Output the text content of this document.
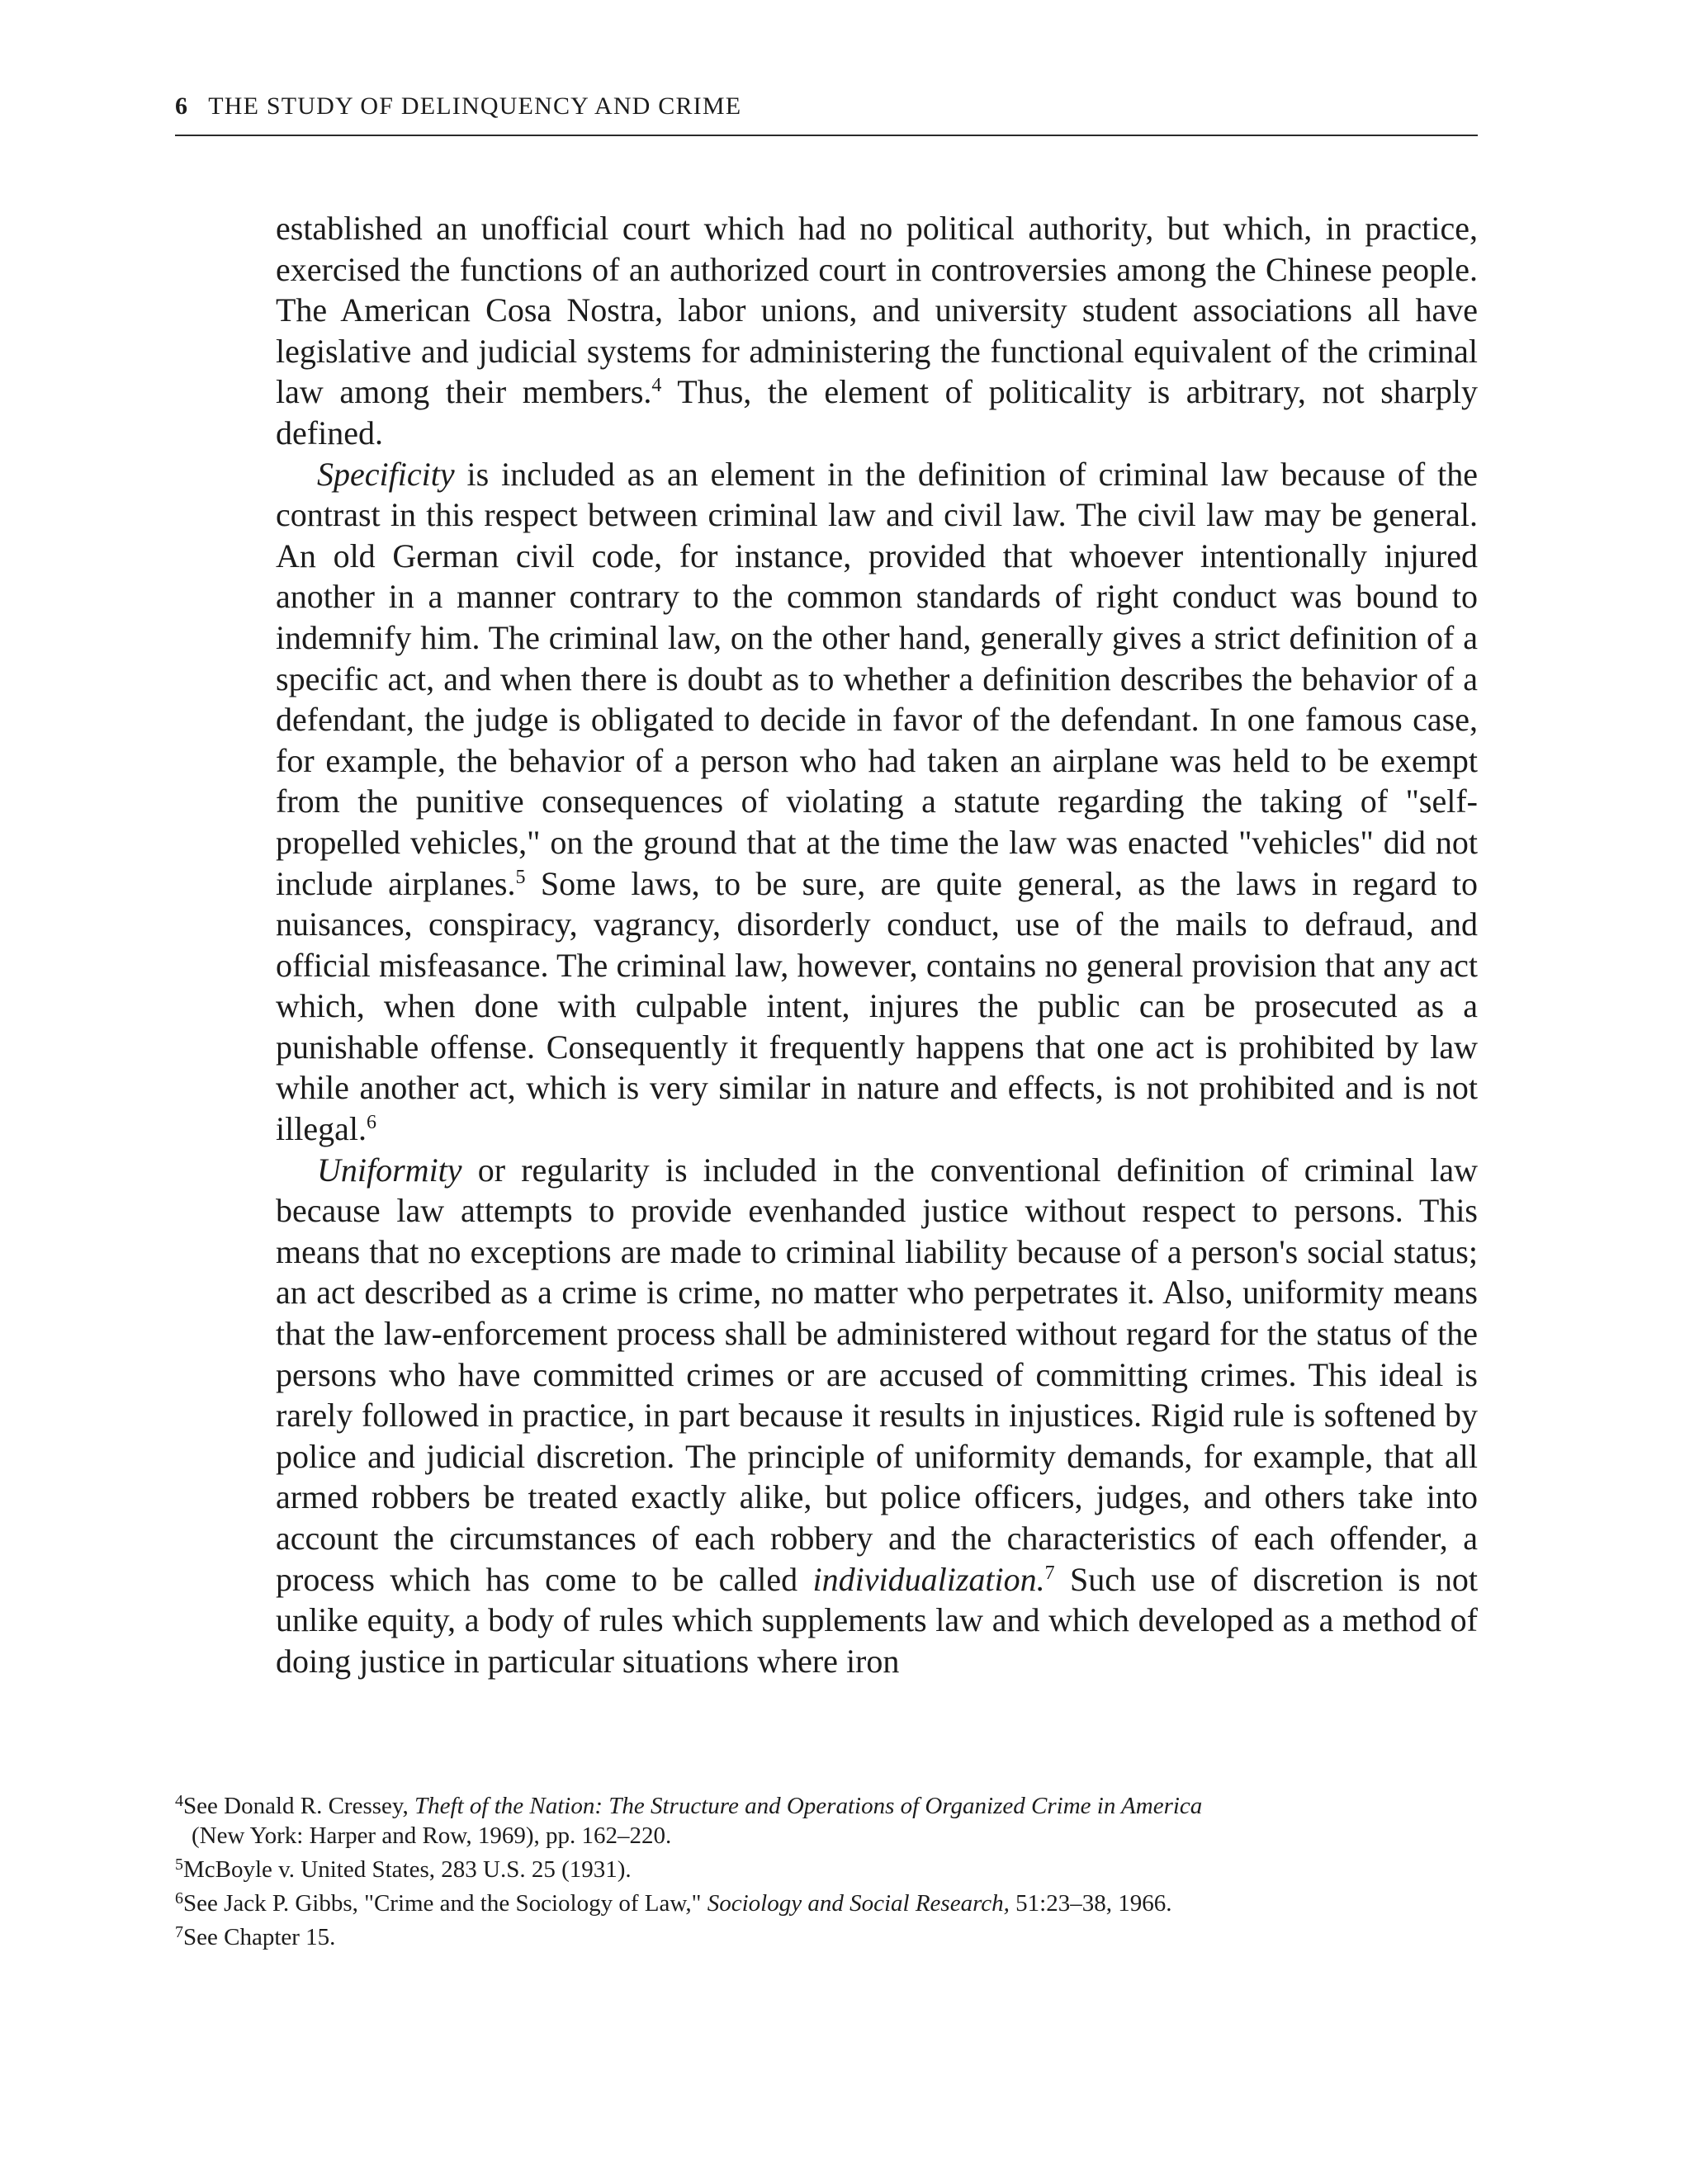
6 THE STUDY OF DELINQUENCY AND CRIME

established an unofficial court which had no political authority, but which, in practice, exercised the functions of an authorized court in controversies among the Chinese people. The American Cosa Nostra, labor unions, and university student associations all have legislative and judicial systems for administering the functional equivalent of the criminal law among their members.$^4$ Thus, the element of politicality is arbitrary, not sharply defined.

Specificity is included as an element in the definition of criminal law because of the contrast in this respect between criminal law and civil law. The civil law may be general. An old German civil code, for instance, provided that whoever intentionally injured another in a manner contrary to the common standards of right conduct was bound to indemnify him. The criminal law, on the other hand, generally gives a strict definition of a specific act, and when there is doubt as to whether a definition describes the behavior of a defendant, the judge is obligated to decide in favor of the defendant. In one famous case, for example, the behavior of a person who had taken an airplane was held to be exempt from the punitive consequences of violating a statute regarding the taking of "self-propelled vehicles," on the ground that at the time the law was enacted "vehicles" did not include airplanes.$^5$ Some laws, to be sure, are quite general, as the laws in regard to nuisances, conspiracy, vagrancy, disorderly conduct, use of the mails to defraud, and official misfeasance. The criminal law, however, contains no general provision that any act which, when done with culpable intent, injures the public can be prosecuted as a punishable offense. Consequently it frequently happens that one act is prohibited by law while another act, which is very similar in nature and effects, is not prohibited and is not illegal.$^6$

Uniformity or regularity is included in the conventional definition of criminal law because law attempts to provide evenhanded justice without respect to persons. This means that no exceptions are made to criminal liability because of a person's social status; an act described as a crime is crime, no matter who perpetrates it. Also, uniformity means that the law-enforcement process shall be administered without regard for the status of the persons who have committed crimes or are accused of committing crimes. This ideal is rarely followed in practice, in part because it results in injustices. Rigid rule is softened by police and judicial discretion. The principle of uniformity demands, for example, that all armed robbers be treated exactly alike, but police officers, judges, and others take into account the circumstances of each robbery and the characteristics of each offender, a process which has come to be called individualization.$^7$ Such use of discretion is not unlike equity, a body of rules which supplements law and which developed as a method of doing justice in particular situations where iron

$^4$See Donald R. Cressey, Theft of the Nation: The Structure and Operations of Organized Crime in America
(New York: Harper and Row, 1969), pp. 162–220.
$^5$McBoyle v. United States, 283 U.S. 25 (1931).
$^6$See Jack P. Gibbs, "Crime and the Sociology of Law," Sociology and Social Research, 51:23–38, 1966.
$^7$See Chapter 15.
